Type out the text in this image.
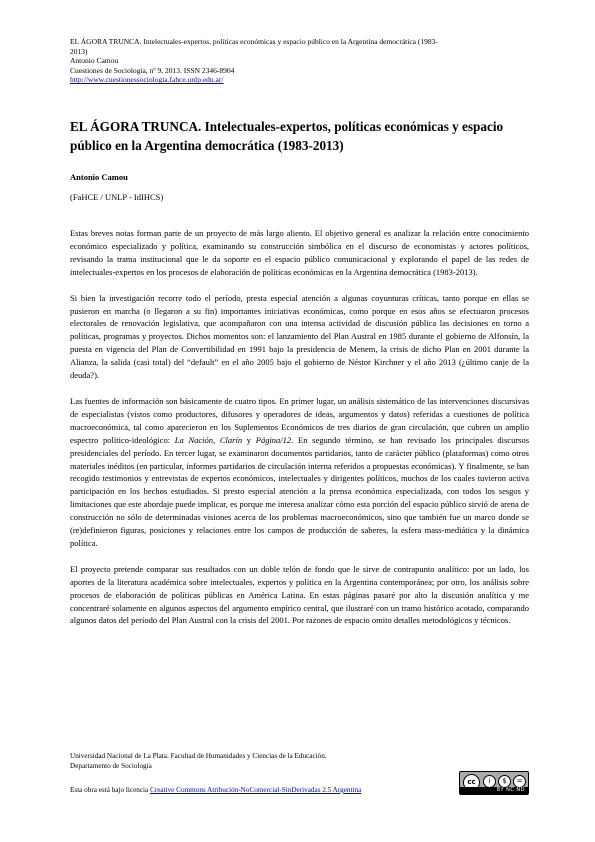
EL ÁGORA TRUNCA. Intelectuales-expertos, políticas económicas y espacio público en la Argentina democrática (1983-
2013)
Antonio Camou
Cuestiones de Sociología, nº 9, 2013. ISSN 2346-8904
http://www.cuestionessociologia.fahce.unlp.edu.ar/
EL ÁGORA TRUNCA. Intelectuales-expertos, políticas económicas y espacio público en la Argentina democrática (1983-2013)
Antonio Camou
(FaHCE / UNLP - IdIHCS)

Estas breves notas forman parte de un proyecto de más largo aliento. El objetivo general es analizar la relación entre conocimiento económico especializado y política, examinando su construcción simbólica en el discurso de economistas y actores políticos, revisando la trama institucional que le da soporte en el espacio público comunicacional y explorando el papel de las redes de intelectuales-expertos en los procesos de elaboración de políticas económicas en la Argentina democrática (1983-2013).

Si bien la investigación recorre todo el período, presta especial atención a algunas coyunturas críticas, tanto porque en ellas se pusieron en marcha (o llegaron a su fin) importantes iniciativas económicas, como porque en esos años se efectuaron procesos electorales de renovación legislativa, que acompañaron con una intensa actividad de discusión pública las decisiones en torno a políticas, programas y proyectos. Dichos momentos son: el lanzamiento del Plan Austral en 1985 durante el gobierno de Alfonsín, la puesta en vigencia del Plan de Convertibilidad en 1991 bajo la presidencia de Menem, la crisis de dicho Plan en 2001 durante la Alianza, la salida (casi total) del “default” en el año 2005 bajo el gobierno de Néstor Kirchner y el año 2013 (¿último canje de la deuda?).

Las fuentes de información son básicamente de cuatro tipos. En primer lugar, un análisis sistemático de las intervenciones discursivas de especialistas (vistos como productores, difusores y operadores de ideas, argumentos y datos) referidas a cuestiones de política macroeconómica, tal como aparecieron en los Suplementos Económicos de tres diarios de gran circulación, que cubren un amplio espectro político-ideológico: La Nación, Clarín y Página/12. En segundo término, se han revisado los principales discursos presidenciales del período. En tercer lugar, se examinaron documentos partidarios, tanto de carácter público (plataformas) como otros materiales inéditos (en particular, informes partidarios de circulación interna referidos a propuestas económicas). Y finalmente, se han recogido testimonios y entrevistas de expertos económicos, intelectuales y dirigentes políticos, muchos de los cuales tuvieron activa participación en los hechos estudiados. Si presto especial atención a la prensa económica especializada, con todos los sesgos y limitaciones que este abordaje puede implicar, es porque me interesa analizar cómo esta porción del espacio público sirvió de arena de construcción no sólo de determinadas visiones acerca de los problemas macroeconómicos, sino que también fue un marco donde se (re)definieron figuras, posiciones y relaciones entre los campos de producción de saberes, la esfera mass-mediática y la dinámica política.

El proyecto pretende comparar sus resultados con un doble telón de fondo que le sirve de contrapunto analítico: por un lado, los aportes de la literatura académica sobre intelectuales, expertos y política en la Argentina contemporánea; por otro, los análisis sobre procesos de elaboración de políticas públicas en América Latina. En estas páginas pasaré por alto la discusión analítica y me concentraré solamente en algunos aspectos del argumento empírico central, que ilustraré con un tramo histórico acotado, comparando algunos datos del período del Plan Austral con la crisis del 2001. Por razones de espacio omito detalles metodológicos y técnicos.

Universidad Nacional de La Plata. Facultad de Humanidades y Ciencias de la Educación.
Departamento de Sociología
Esta obra está bajo licencia Creative Commons Atribución-NoComercial-SinDerivadas 2.5 Argentina
cc	i	$	=
BY NC ND
